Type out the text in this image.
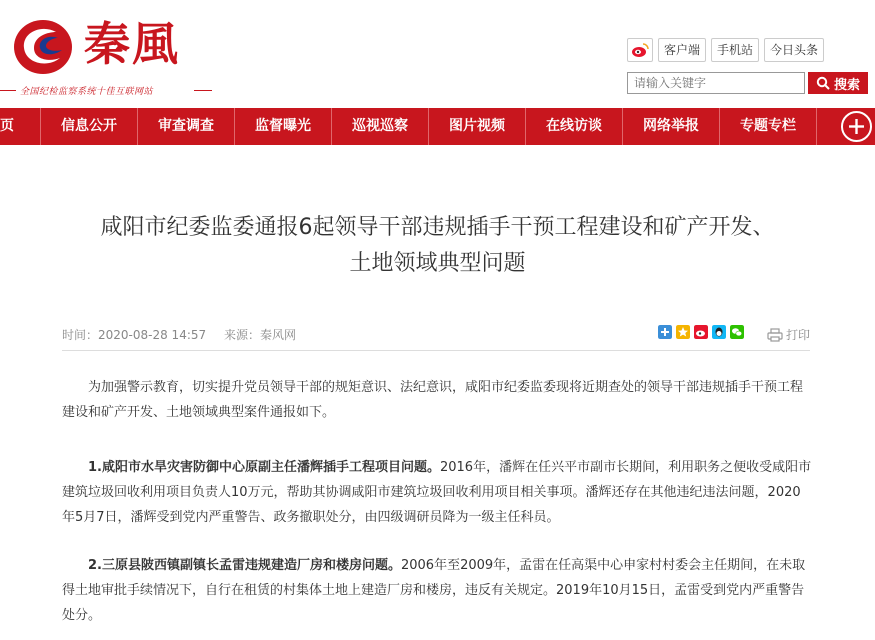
秦風
全国纪检监察系统十佳互联网站
客户端	手机站	今日头条
请输入关键字
搜索
页	信息公开	审查调查	监督曝光	巡视巡察	图片视频	在线访谈	网络举报	专题专栏
咸阳市纪委监委通报6起领导干部违规插手干预工程建设和矿产开发、
土地领域典型问题
时间：2020-08-28 14:57 来源：秦风网	打印
为加强警示教育，切实提升党员领导干部的规矩意识、法纪意识，咸阳市纪委监委现将近期查处的领导干部违规插手干预工程建设和矿产开发、土地领域典型案件通报如下。
1.咸阳市水旱灾害防御中心原副主任潘辉插手工程项目问题。2016年，潘辉在任兴平市副市长期间，利用职务之便收受咸阳市建筑垃圾回收利用项目负责人10万元，帮助其协调咸阳市建筑垃圾回收利用项目相关事项。潘辉还存在其他违纪违法问题，2020年5月7日，潘辉受到党内严重警告、政务撤职处分，由四级调研员降为一级主任科员。
2.三原县陂西镇副镇长孟雷违规建造厂房和楼房问题。2006年至2009年，孟雷在任高渠中心申家村村委会主任期间，在未取得土地审批手续情况下，自行在租赁的村集体土地上建造厂房和楼房，违反有关规定。2019年10月15日，孟雷受到党内严重警告处分。
